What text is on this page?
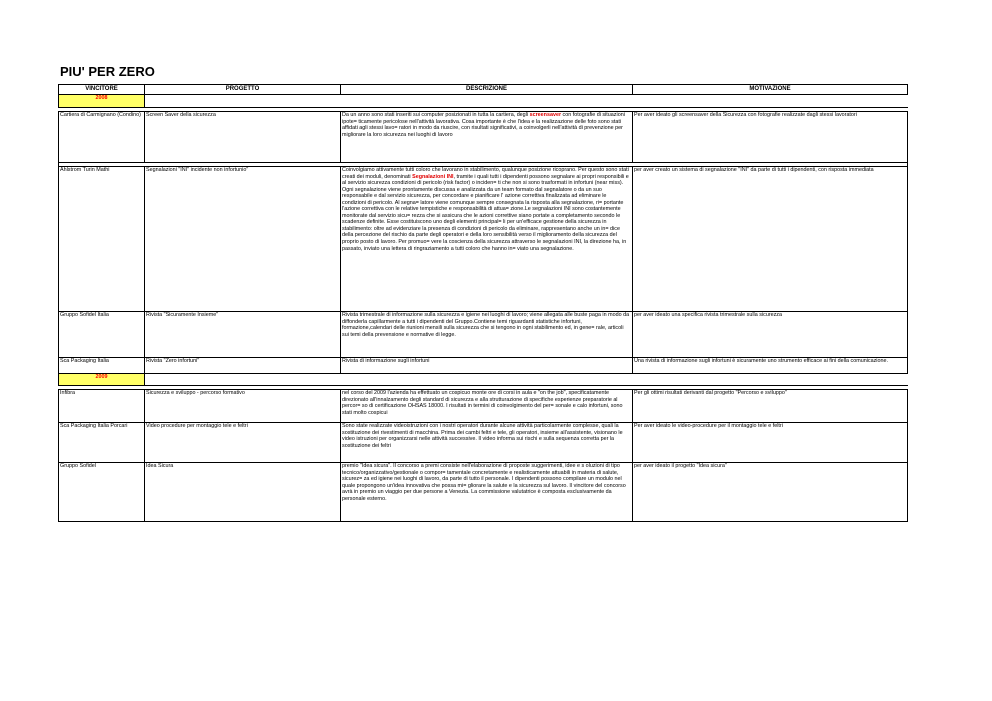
PIU' PER ZERO
VINCITORE	PROGETTO	DESCRIZIONE	MOTIVAZIONE
2008			

Cartiera di Carmignano (Condino)	Screen Saver della sicurezza	Da un anno sono stati inseriti sui computer posizionati in tutta la cartiera, degli screensaver con fotografie di situazioni ipote= ticamente pericolose nell'attività lavorativa. Cosa importante è che l'idea e la realizzazione delle foto sono stati affidati agli stessi lavo= ratori in modo da riuscire, con risultati significativi, a coinvolgerli nell'attività di prevenzione per migliorare la loro sicurezza nei luoghi di lavoro	Per aver ideato gli screensaver della Sicurezza con fotografie realizzate dagli stessi lavoratori

Ahlstrom Turin Mathi	Segnalazioni "INI" incidente non infortunio"	Coinvolgiamo attivamente tutti coloro che lavorano in stabilimento, qualunque posizione ricoprano. Per questo sono stati creati dei moduli, denominati Segnalazioni INI, tramite i quali tutti i dipendenti possono segnalare ai propri responsibili e al servizio sicurezza condizioni di pericolo (risk factor) o inciden= ti che non si sono trasformati in infortuni (near miss). Ogni segnalazione viene prontamente discussa e analizzata da un team formato dal segnalatore o da un suo responsabile e dal servizio sicurezza, per concordare e pianificare l' azione correttiva finalizzata ad eliminare le condizioni di pericolo. Al segna= latore viene comunque sempre consegnata la risposta alla segnalazione, ri= portante l'azione correttiva con le relative tempistiche e responsabilità di attua= zione.Le segnalazioni INI sono costantemente monitorate dal servizio sicu= rezza che si assicura che le azioni correttive siano portate a completamento secondo le scadenze definite. Esse costituiscono uno degli elementi principal= li per un'efficace gestione della sicurezza in stabilimento: oltre ad evidenziare la presenza di condizioni di pericolo da eliminare, rappresentano anche un in= dice della percezione del rischio da parte degli operatori e della loro sensibilità verso il miglioramento della sicurezza del proprio posto di lavoro. Per promuo= vere la coscienza della sicurezza attraverso le segnalazioni INI, la direzione ha, in passato, inviato una lettera di ringraziamento a tutti coloro che hanno in= viato una segnalazione.	per aver creato un sistema di segnalazione "INI" da parte di tutti i dipendenti, con risposta immediata
Gruppo Sofidel Italia	Rivista "Sicuramente Insieme"	Rivista trimestrale di informazione sulla sicurezza e igiene nei luoghi di lavoro; viene allegata alle buste paga in modo da diffonderla capillarmente a tutti i dipendenti del Gruppo.Contiene temi riguardanti statistiche infortuni, formazione,calendari delle riunioni mensili sulla sicurezza che si tengono in ogni stabilimento ed, in gene= rale, articoli sui temi della prevensione e normative di legge.	per aver ideato una specifica rivista trimestrale sulla sicurezza
Sca Packaging Italia	Rivista "Zero infortuni"	Rivista di informazione sugli infortuni	Una rivista di informazione sugli infortuni è sicuramente uno strumento efficace ai fini della comunicazione.
2009			

Infibra	Sicurezza e sviluppo - percorso formativo	nel corso del 2009 l'azienda ha effettuato un cospicuo monte ore di corsi in aula e "on the job", specificatamente direzionato all'innalzamento degli standard di sicurezza e alla strutturazione di specifiche esperienze preparatorie al percor= so di certificazione OHSAS 18000. I risultati in termini di coinvolgimento del per= sonale e calo infortuni, sono stati molto cospicui	Per gli ottimi risultati derivanti dal progetto "Percorso e sviluppo"
Sca Packaging Italia Porcari	Video procedure per montaggio tele e feltri	Sono state realizzate videoistruzioni con i nostri operatori durante alcune attività particolarmente complesse, quali la sostituzione dei rivestimenti di macchina. Prima dei cambi feltri e tele, gli operatori, insieme all'assistente, visionano le video istruzioni per organizzarsi nelle attività successive. Il video informa sui rischi e sulla sequenza corretta per la sostituzione dei feltri	Per aver ideato le video-procedure per il montaggio tele e feltri
Gruppo Sofidel	Idea Sicura	premio "Idea sicura". Il concorso a premi consiste nell'elaborazione di proposte suggerimenti, idee e s oluzioni di tipo tecnico/organizzativo/gestionale o compor= tamentale concretamente e realisticamente attuabili in materia di salute, sicurez= za ed igiene nei luoghi di lavoro, da parte di tutto il personale. I dipendenti possono compilare un modulo nel quale propongono un'idea innovativa che possa mi= gliorare la salute e la sicurezza sul lavoro. Il vincitore del concorso avrà in premio un viaggio per due persone a Venezia. La commissione valutatrice è composta esclusivamente da personale esterno.	per aver ideato il progetto "Idea sicura"
